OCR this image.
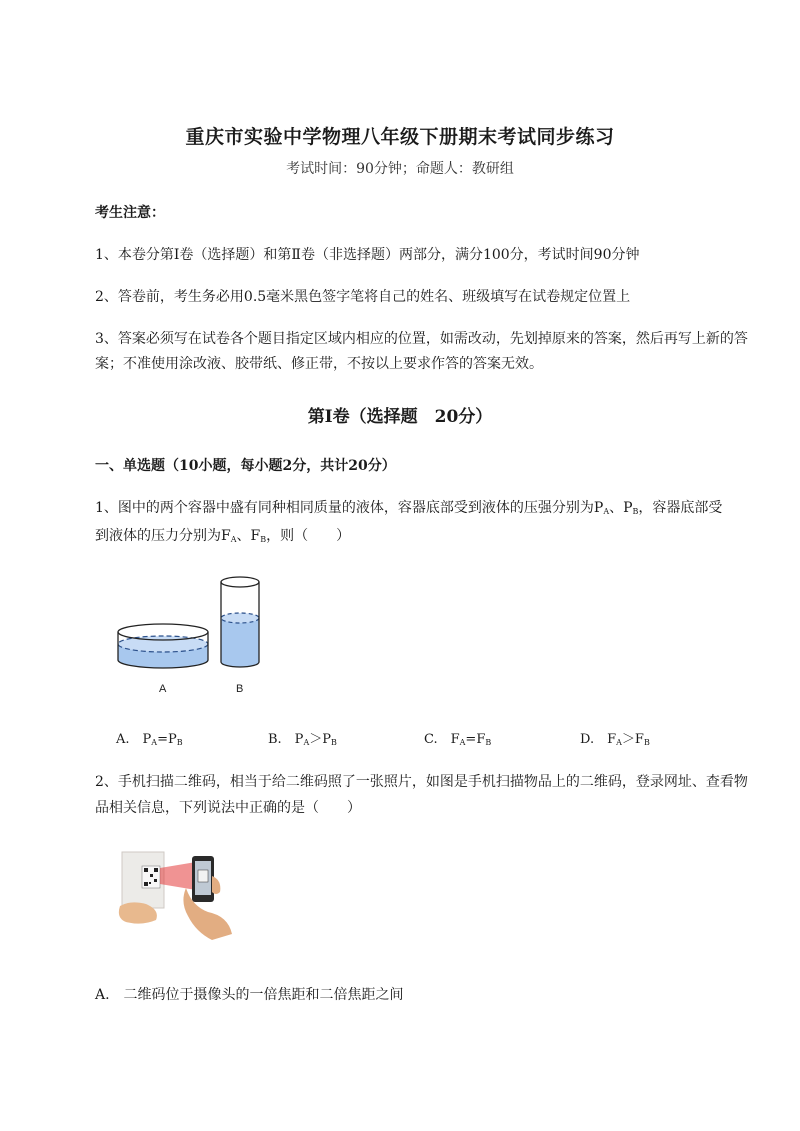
重庆市实验中学物理八年级下册期末考试同步练习
考试时间：90分钟；命题人：教研组
考生注意：
1、本卷分第I卷（选择题）和第Ⅱ卷（非选择题）两部分，满分100分，考试时间90分钟
2、答卷前，考生务必用0.5毫米黑色签字笔将自己的姓名、班级填写在试卷规定位置上
3、答案必须写在试卷各个题目指定区域内相应的位置，如需改动，先划掉原来的答案，然后再写上新的答案；不准使用涂改液、胶带纸、修正带，不按以上要求作答的答案无效。
第I卷（选择题　20分）
一、单选题（10小题，每小题2分，共计20分）
1、图中的两个容器中盛有同种相同质量的液体，容器底部受到液体的压强分别为$P_A$、$P_B$，容器底部受
到液体的压力分别为$F_A$、$F_B$，则（　　）
A	B
A.　$P_A=P_B$	B.　$P_A>P_B$	C.　$F_A=F_B$	D.　$F_A>F_B$
2、手机扫描二维码，相当于给二维码照了一张照片，如图是手机扫描物品上的二维码，登录网址、查看物品相关信息，下列说法中正确的是（　　）
A.　二维码位于摄像头的一倍焦距和二倍焦距之间
